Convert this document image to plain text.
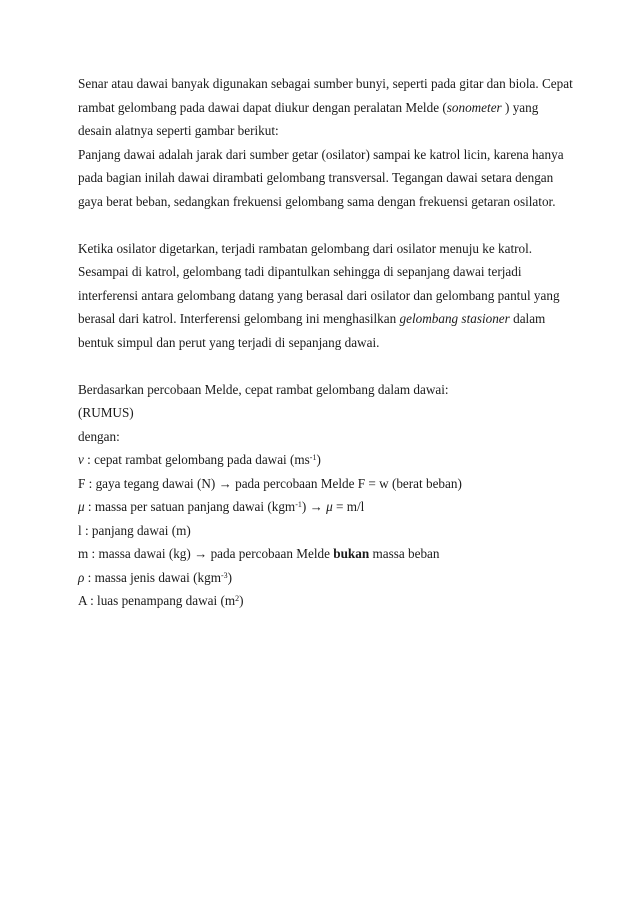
Senar atau dawai banyak digunakan sebagai sumber bunyi, seperti pada gitar dan biola. Cepat
rambat gelombang pada dawai dapat diukur dengan peralatan Melde (sonometer ) yang
desain alatnya seperti gambar berikut:
Panjang dawai adalah jarak dari sumber getar (osilator) sampai ke katrol licin, karena hanya
pada bagian inilah dawai dirambati gelombang transversal. Tegangan dawai setara dengan
gaya berat beban, sedangkan frekuensi gelombang sama dengan frekuensi getaran osilator.
Ketika osilator digetarkan, terjadi rambatan gelombang dari osilator menuju ke katrol.
Sesampai di katrol, gelombang tadi dipantulkan sehingga di sepanjang dawai terjadi
interferensi antara gelombang datang yang berasal dari osilator dan gelombang pantul yang
berasal dari katrol. Interferensi gelombang ini menghasilkan gelombang stasioner dalam
bentuk simpul dan perut yang terjadi di sepanjang dawai.
Berdasarkan percobaan Melde, cepat rambat gelombang dalam dawai:
(RUMUS)
dengan:
v : cepat rambat gelombang pada dawai $(ms^{-1})$
F : gaya tegang dawai (N) → pada percobaan Melde F = w (berat beban)
μ : massa per satuan panjang dawai (kgm$^{-1}$) → μ = m/l
l : panjang dawai (m)
m : massa dawai (kg) → pada percobaan Melde bukan massa beban
ρ : massa jenis dawai (kgm$^{-3}$)
A : luas penampang dawai $(m^2)$
